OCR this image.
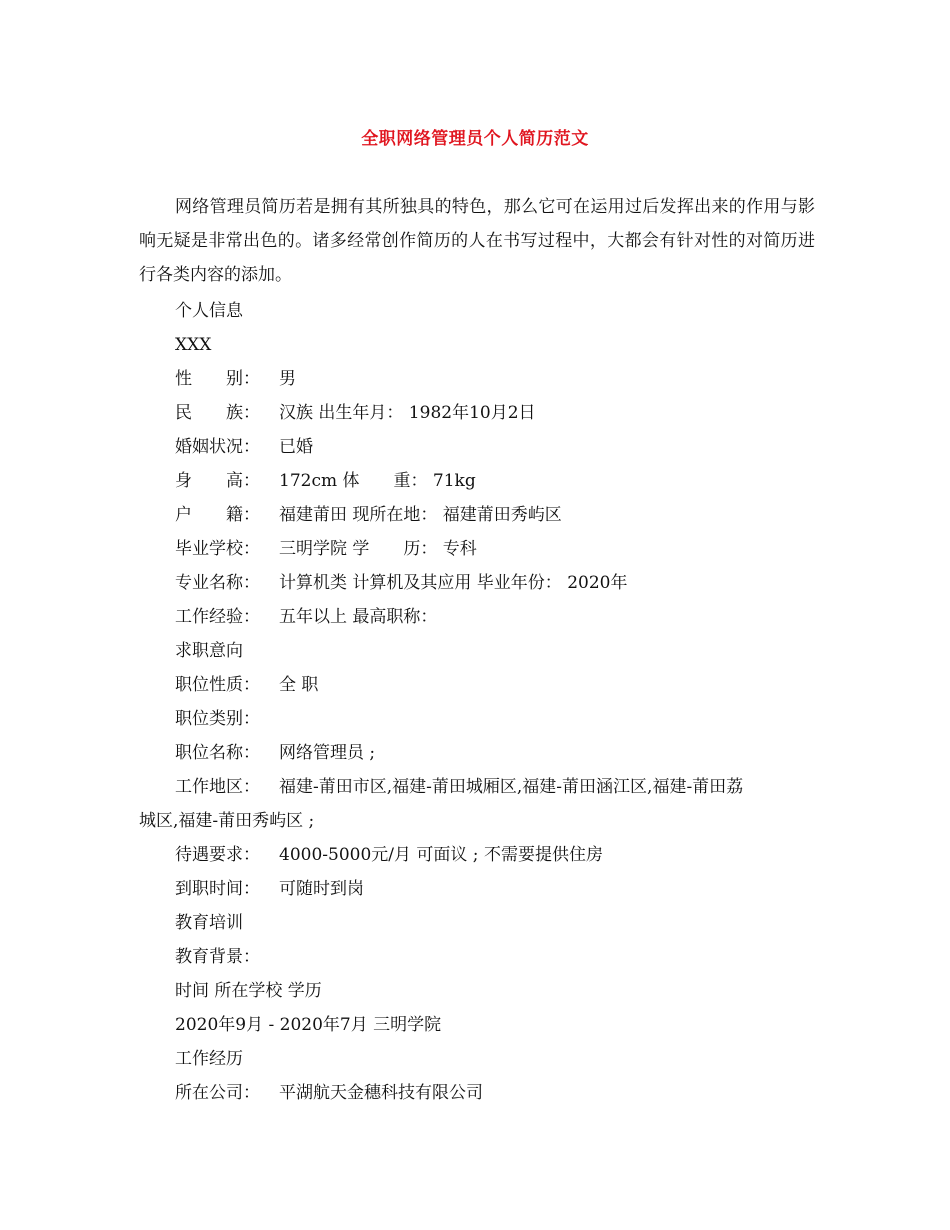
全职网络管理员个人简历范文

网络管理员简历若是拥有其所独具的特色，那么它可在运用过后发挥出来的作用与影响无疑是非常出色的。诸多经常创作简历的人在书写过程中，大都会有针对性的对简历进行各类内容的添加。

个人信息
XXX
性　　别： 男
民　　族： 汉族 出生年月： 1982年10月2日
婚姻状况： 已婚
身　　高： 172cm 体　　重： 71kg
户　　籍： 福建莆田 现所在地： 福建莆田秀屿区
毕业学校： 三明学院 学　　历： 专科
专业名称： 计算机类 计算机及其应用 毕业年份： 2020年
工作经验： 五年以上 最高职称：
求职意向
职位性质： 全 职
职位类别：
职位名称： 网络管理员 ;
工作地区： 福建-莆田市区,福建-莆田城厢区,福建-莆田涵江区,福建-莆田荔
城区,福建-莆田秀屿区 ;
待遇要求： 4000-5000元/月 可面议 ; 不需要提供住房
到职时间： 可随时到岗
教育培训
教育背景：
时间 所在学校 学历
2020年9月 - 2020年7月 三明学院
工作经历
所在公司： 平湖航天金穗科技有限公司
